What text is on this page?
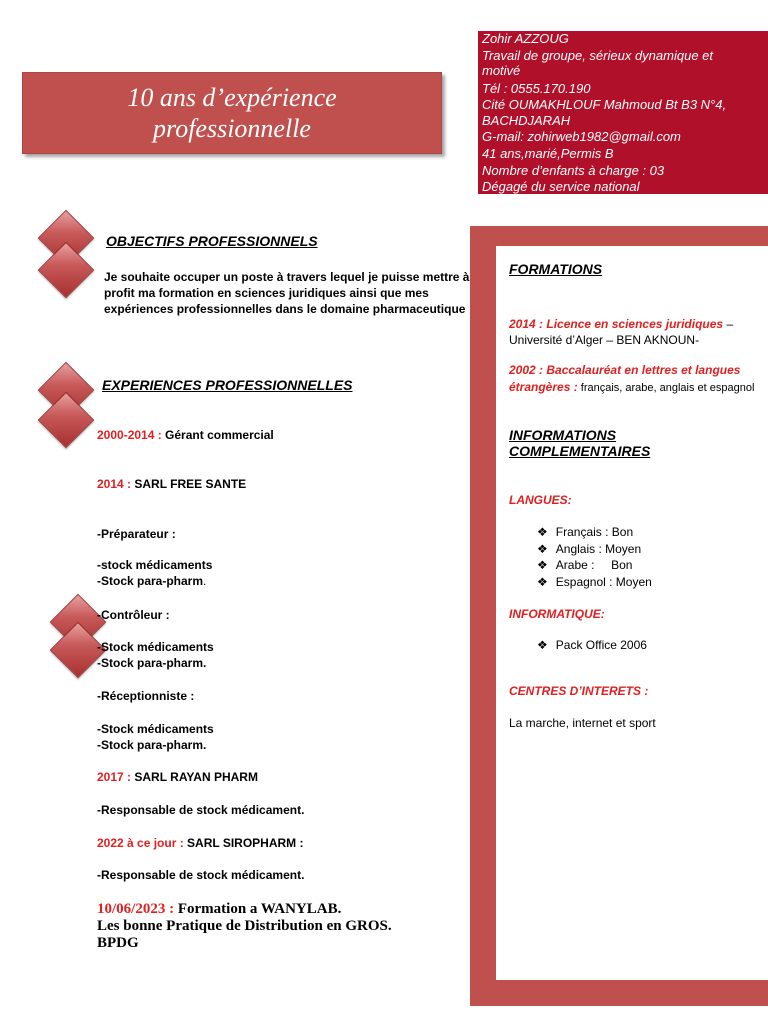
10 ans d’expérience
professionnelle
Zohir AZZOUG
Travail de groupe, sérieux dynamique et
motivé
Tél : 0555.170.190
Cité OUMAKHLOUF Mahmoud Bt B3 N°4,
BACHDJARAH
G-mail: zohirweb1982@gmail.com
41 ans,marié,Permis B
Nombre d’enfants à charge : 03
Dégagé du service national
OBJECTIFS PROFESSIONNELS
Je souhaite occuper un poste à travers lequel je puisse mettre à
profit ma formation en sciences juridiques ainsi que mes
expériences professionnelles dans le domaine pharmaceutique
EXPERIENCES PROFESSIONNELLES
2000-2014 : Gérant commercial
2014 : SARL FREE SANTE
-Préparateur :
-stock médicaments
-Stock para-pharm.
-Contrôleur :
-Stock médicaments
-Stock para-pharm.
-Réceptionniste :
-Stock médicaments
-Stock para-pharm.
2017 : SARL RAYAN PHARM
-Responsable de stock médicament.
2022 à ce jour : SARL SIROPHARM :
-Responsable de stock médicament.
10/06/2023 : Formation a WANYLAB.
Les bonne Pratique de Distribution en GROS.
BPDG
FORMATIONS
2014 : Licence en sciences juridiques –
Université d’Alger – BEN AKNOUN-
2002 : Baccalauréat en lettres et langues
étrangères : français, arabe, anglais et espagnol
INFORMATIONS
COMPLEMENTAIRES
LANGUES:
❖ Français : Bon
❖ Anglais : Moyen
❖ Arabe :     Bon
❖ Espagnol : Moyen
INFORMATIQUE:
❖ Pack Office 2006
CENTRES D’INTERETS :
La marche, internet et sport
